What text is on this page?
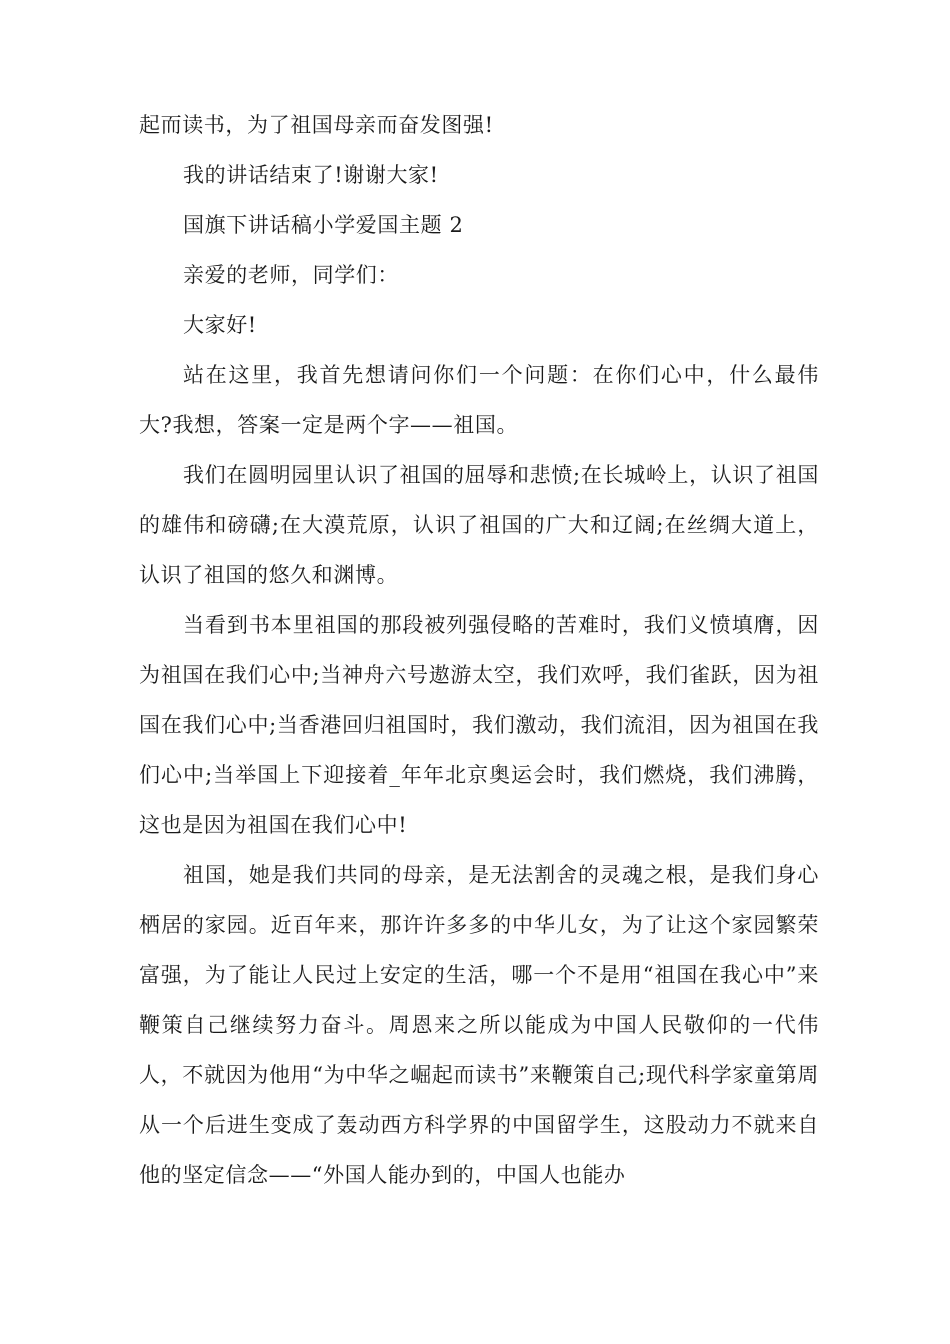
起而读书，为了祖国母亲而奋发图强!

我的讲话结束了!谢谢大家!

国旗下讲话稿小学爱国主题 2

亲爱的老师，同学们：

大家好!

站在这里，我首先想请问你们一个问题：在你们心中，什么最伟大?我想，答案一定是两个字——祖国。

我们在圆明园里认识了祖国的屈辱和悲愤;在长城岭上，认识了祖国的雄伟和磅礴;在大漠荒原，认识了祖国的广大和辽阔;在丝绸大道上，认识了祖国的悠久和渊博。

当看到书本里祖国的那段被列强侵略的苦难时，我们义愤填膺，因为祖国在我们心中;当神舟六号遨游太空，我们欢呼，我们雀跃，因为祖国在我们心中;当香港回归祖国时，我们激动，我们流泪，因为祖国在我们心中;当举国上下迎接着_年年北京奥运会时，我们燃烧，我们沸腾，这也是因为祖国在我们心中!

祖国，她是我们共同的母亲，是无法割舍的灵魂之根，是我们身心栖居的家园。近百年来，那许许多多的中华儿女，为了让这个家园繁荣富强，为了能让人民过上安定的生活，哪一个不是用“祖国在我心中”来鞭策自己继续努力奋斗。周恩来之所以能成为中国人民敬仰的一代伟人，不就因为他用“为中华之崛起而读书”来鞭策自己;现代科学家童第周从一个后进生变成了轰动西方科学界的中国留学生，这股动力不就来自他的坚定信念——“外国人能办到的，中国人也能办
